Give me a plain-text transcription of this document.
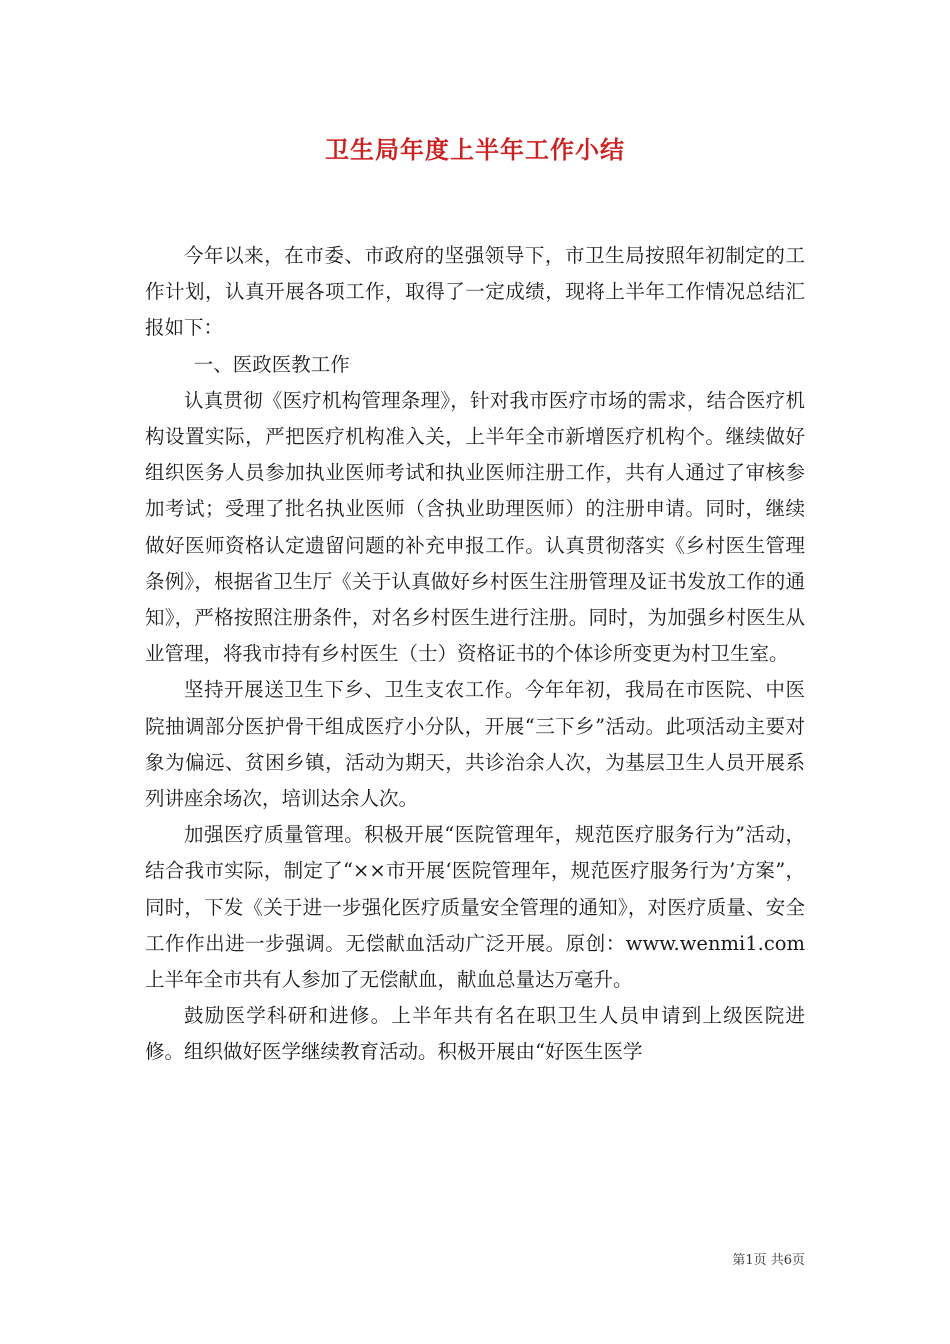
卫生局年度上半年工作小结

今年以来，在市委、市政府的坚强领导下，市卫生局按照年初制定的工作计划，认真开展各项工作，取得了一定成绩，现将上半年工作情况总结汇报如下：

一、医政医教工作

认真贯彻《医疗机构管理条理》，针对我市医疗市场的需求，结合医疗机构设置实际，严把医疗机构准入关，上半年全市新增医疗机构个。继续做好组织医务人员参加执业医师考试和执业医师注册工作，共有人通过了审核参加考试；受理了批名执业医师（含执业助理医师）的注册申请。同时，继续做好医师资格认定遗留问题的补充申报工作。认真贯彻落实《乡村医生管理条例》，根据省卫生厅《关于认真做好乡村医生注册管理及证书发放工作的通知》，严格按照注册条件，对名乡村医生进行注册。同时，为加强乡村医生从业管理，将我市持有乡村医生（士）资格证书的个体诊所变更为村卫生室。

坚持开展送卫生下乡、卫生支农工作。今年年初，我局在市医院、中医院抽调部分医护骨干组成医疗小分队，开展“三下乡”活动。此项活动主要对象为偏远、贫困乡镇，活动为期天，共诊治余人次，为基层卫生人员开展系列讲座余场次，培训达余人次。

加强医疗质量管理。积极开展“医院管理年，规范医疗服务行为”活动，结合我市实际，制定了“××市开展‘医院管理年，规范医疗服务行为’方案”，同时，下发《关于进一步强化医疗质量安全管理的通知》，对医疗质量、安全工作作出进一步强调。无偿献血活动广泛开展。原创：www.wenmi1.com上半年全市共有人参加了无偿献血，献血总量达万毫升。

鼓励医学科研和进修。上半年共有名在职卫生人员申请到上级医院进修。组织做好医学继续教育活动。积极开展由“好医生医学

第1页 共6页
